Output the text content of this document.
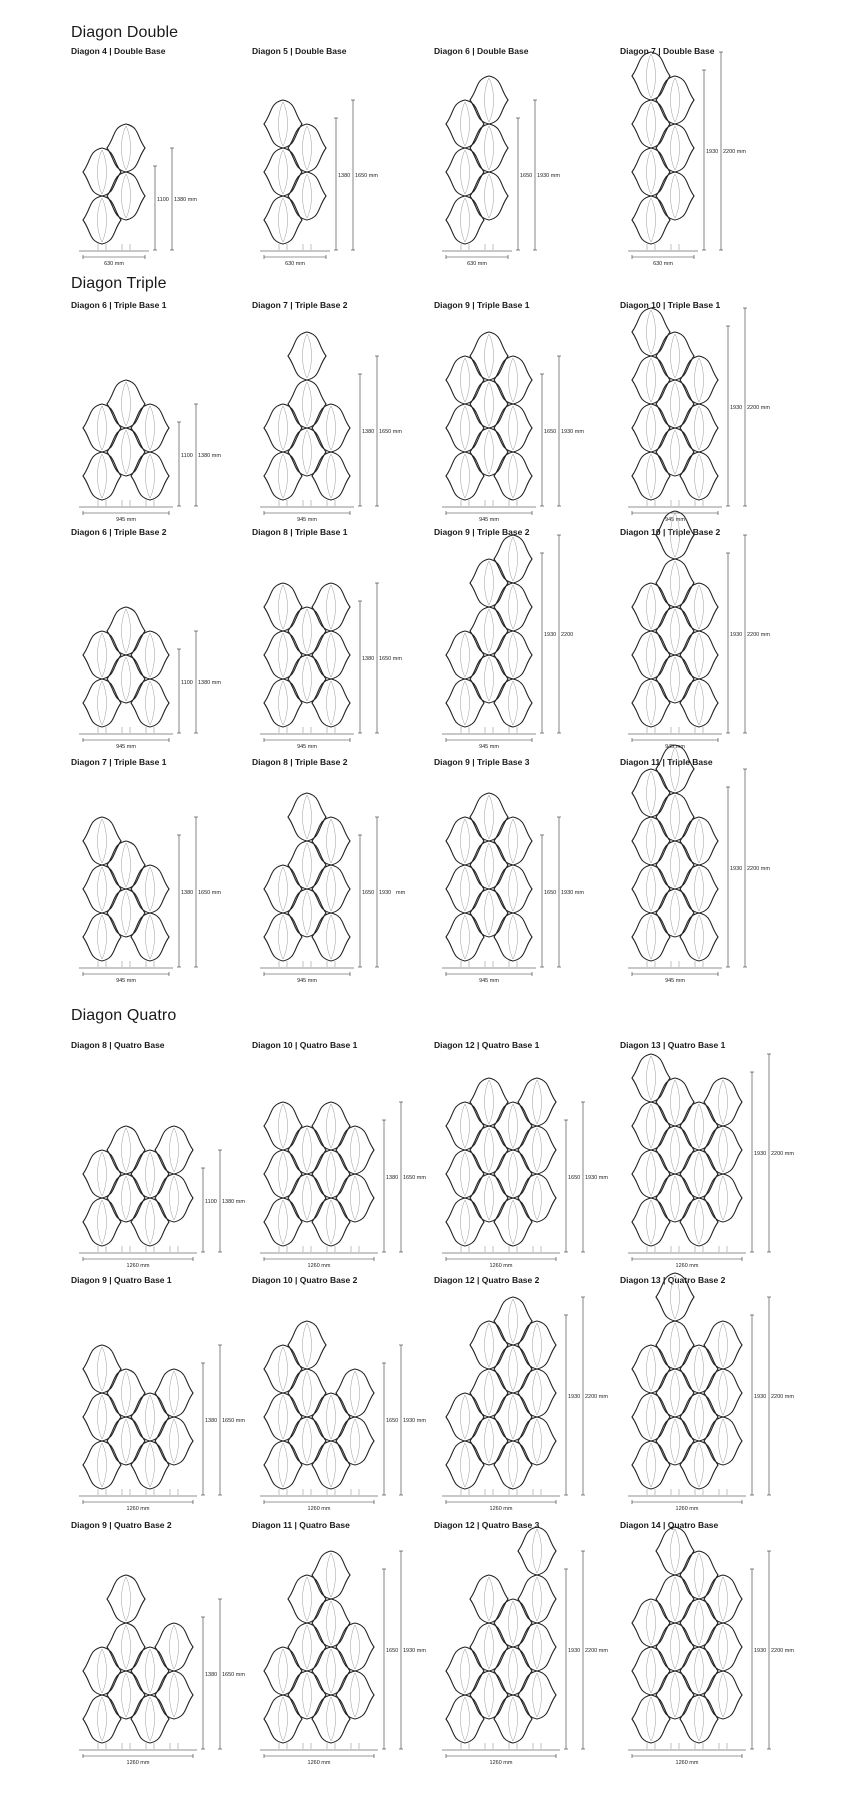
Diagon Double
Diagon Triple
Diagon Quatro
Diagon 4 | Double Base
630 mm
1100 1380 mm
Diagon 5 | Double Base
630 mm
1380 1650 mm
Diagon 6 | Double Base
630 mm
1650 1930 mm
Diagon 7 | Double Base
630 mm
1930 2200 mm
Diagon 6 | Triple Base 1
945 mm
1100 1380 mm
Diagon 7 | Triple Base 2
945 mm
1380 1650 mm
Diagon 9 | Triple Base 1
945 mm
1650 1930 mm
Diagon 10 | Triple Base 1
945 mm
1930 2200 mm
Diagon 6 | Triple Base 2
945 mm
1100 1380 mm
Diagon 8 | Triple Base 1
945 mm
1380 1650 mm
Diagon 9 | Triple Base 2
945 mm
1930 2200
Diagon 10 | Triple Base 2
945 mm
1930 2200 mm
Diagon 7 | Triple Base 1
945 mm
1380 1650 mm
Diagon 8 | Triple Base 2
945 mm
1650 1930 mm
Diagon 9 | Triple Base 3
945 mm
1650 1930 mm
Diagon 11 | Triple Base
945 mm
1930 2200 mm
Diagon 8 | Quatro Base
1260 mm
1100 1380 mm
Diagon 10 | Quatro Base 1
1260 mm
1380 1650 mm
Diagon 12 | Quatro Base 1
1260 mm
1650 1930 mm
Diagon 13 | Quatro Base 1
1260 mm
1930 2200 mm
Diagon 9 | Quatro Base 1
1260 mm
1380 1650 mm
Diagon 10 | Quatro Base 2
1260 mm
1650 1930 mm
Diagon 12 | Quatro Base 2
1260 mm
1930 2200 mm
Diagon 13 | Quatro Base 2
1260 mm
1930 2200 mm
Diagon 9 | Quatro Base 2
1260 mm
1380 1650 mm
Diagon 11 | Quatro Base
1260 mm
1650 1930 mm
Diagon 12 | Quatro Base 3
1260 mm
1930 2200 mm
Diagon 14 | Quatro Base
1260 mm
1930 2200 mm
